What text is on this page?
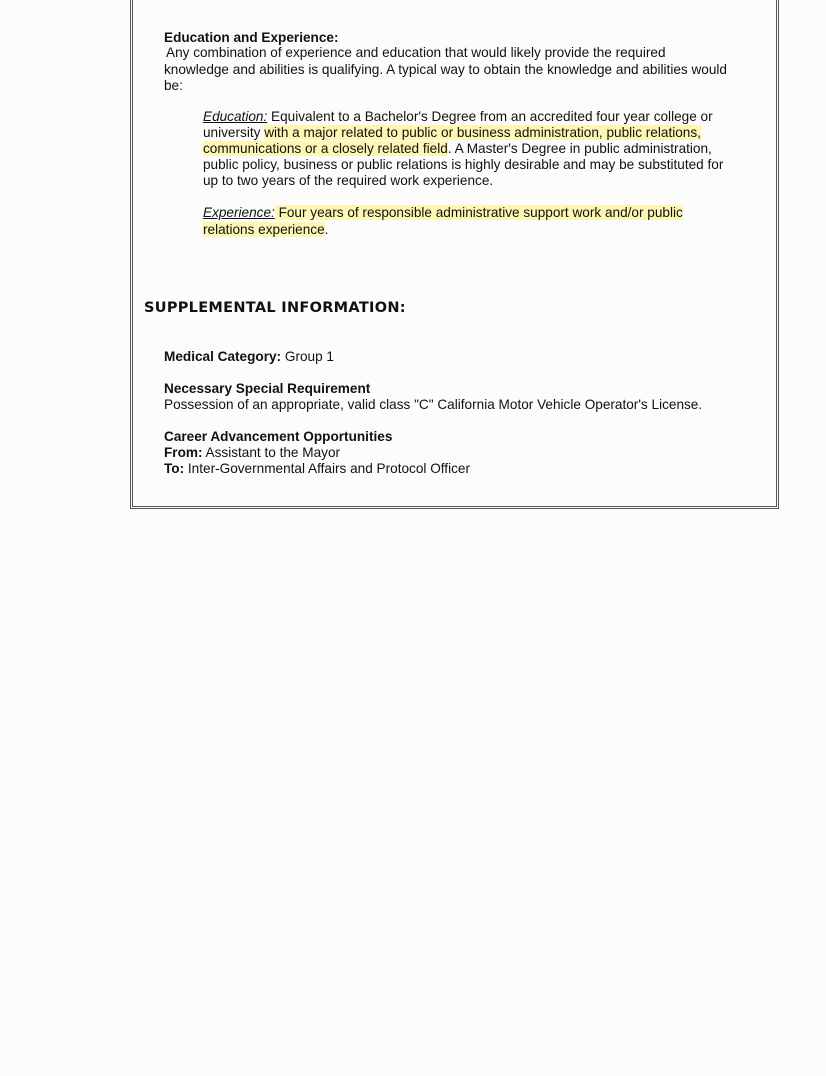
Education and Experience:
Any combination of experience and education that would likely provide the required
knowledge and abilities is qualifying. A typical way to obtain the knowledge and abilities would
be:
Education: Equivalent to a Bachelor's Degree from an accredited four year college or
university with a major related to public or business administration, public relations,
communications or a closely related field. A Master's Degree in public administration,
public policy, business or public relations is highly desirable and may be substituted for
up to two years of the required work experience.
Experience: Four years of responsible administrative support work and/or public
relations experience.
SUPPLEMENTAL INFORMATION:
Medical Category: Group 1
Necessary Special Requirement
Possession of an appropriate, valid class "C" California Motor Vehicle Operator's License.
Career Advancement Opportunities
From: Assistant to the Mayor
To: Inter-Governmental Affairs and Protocol Officer
